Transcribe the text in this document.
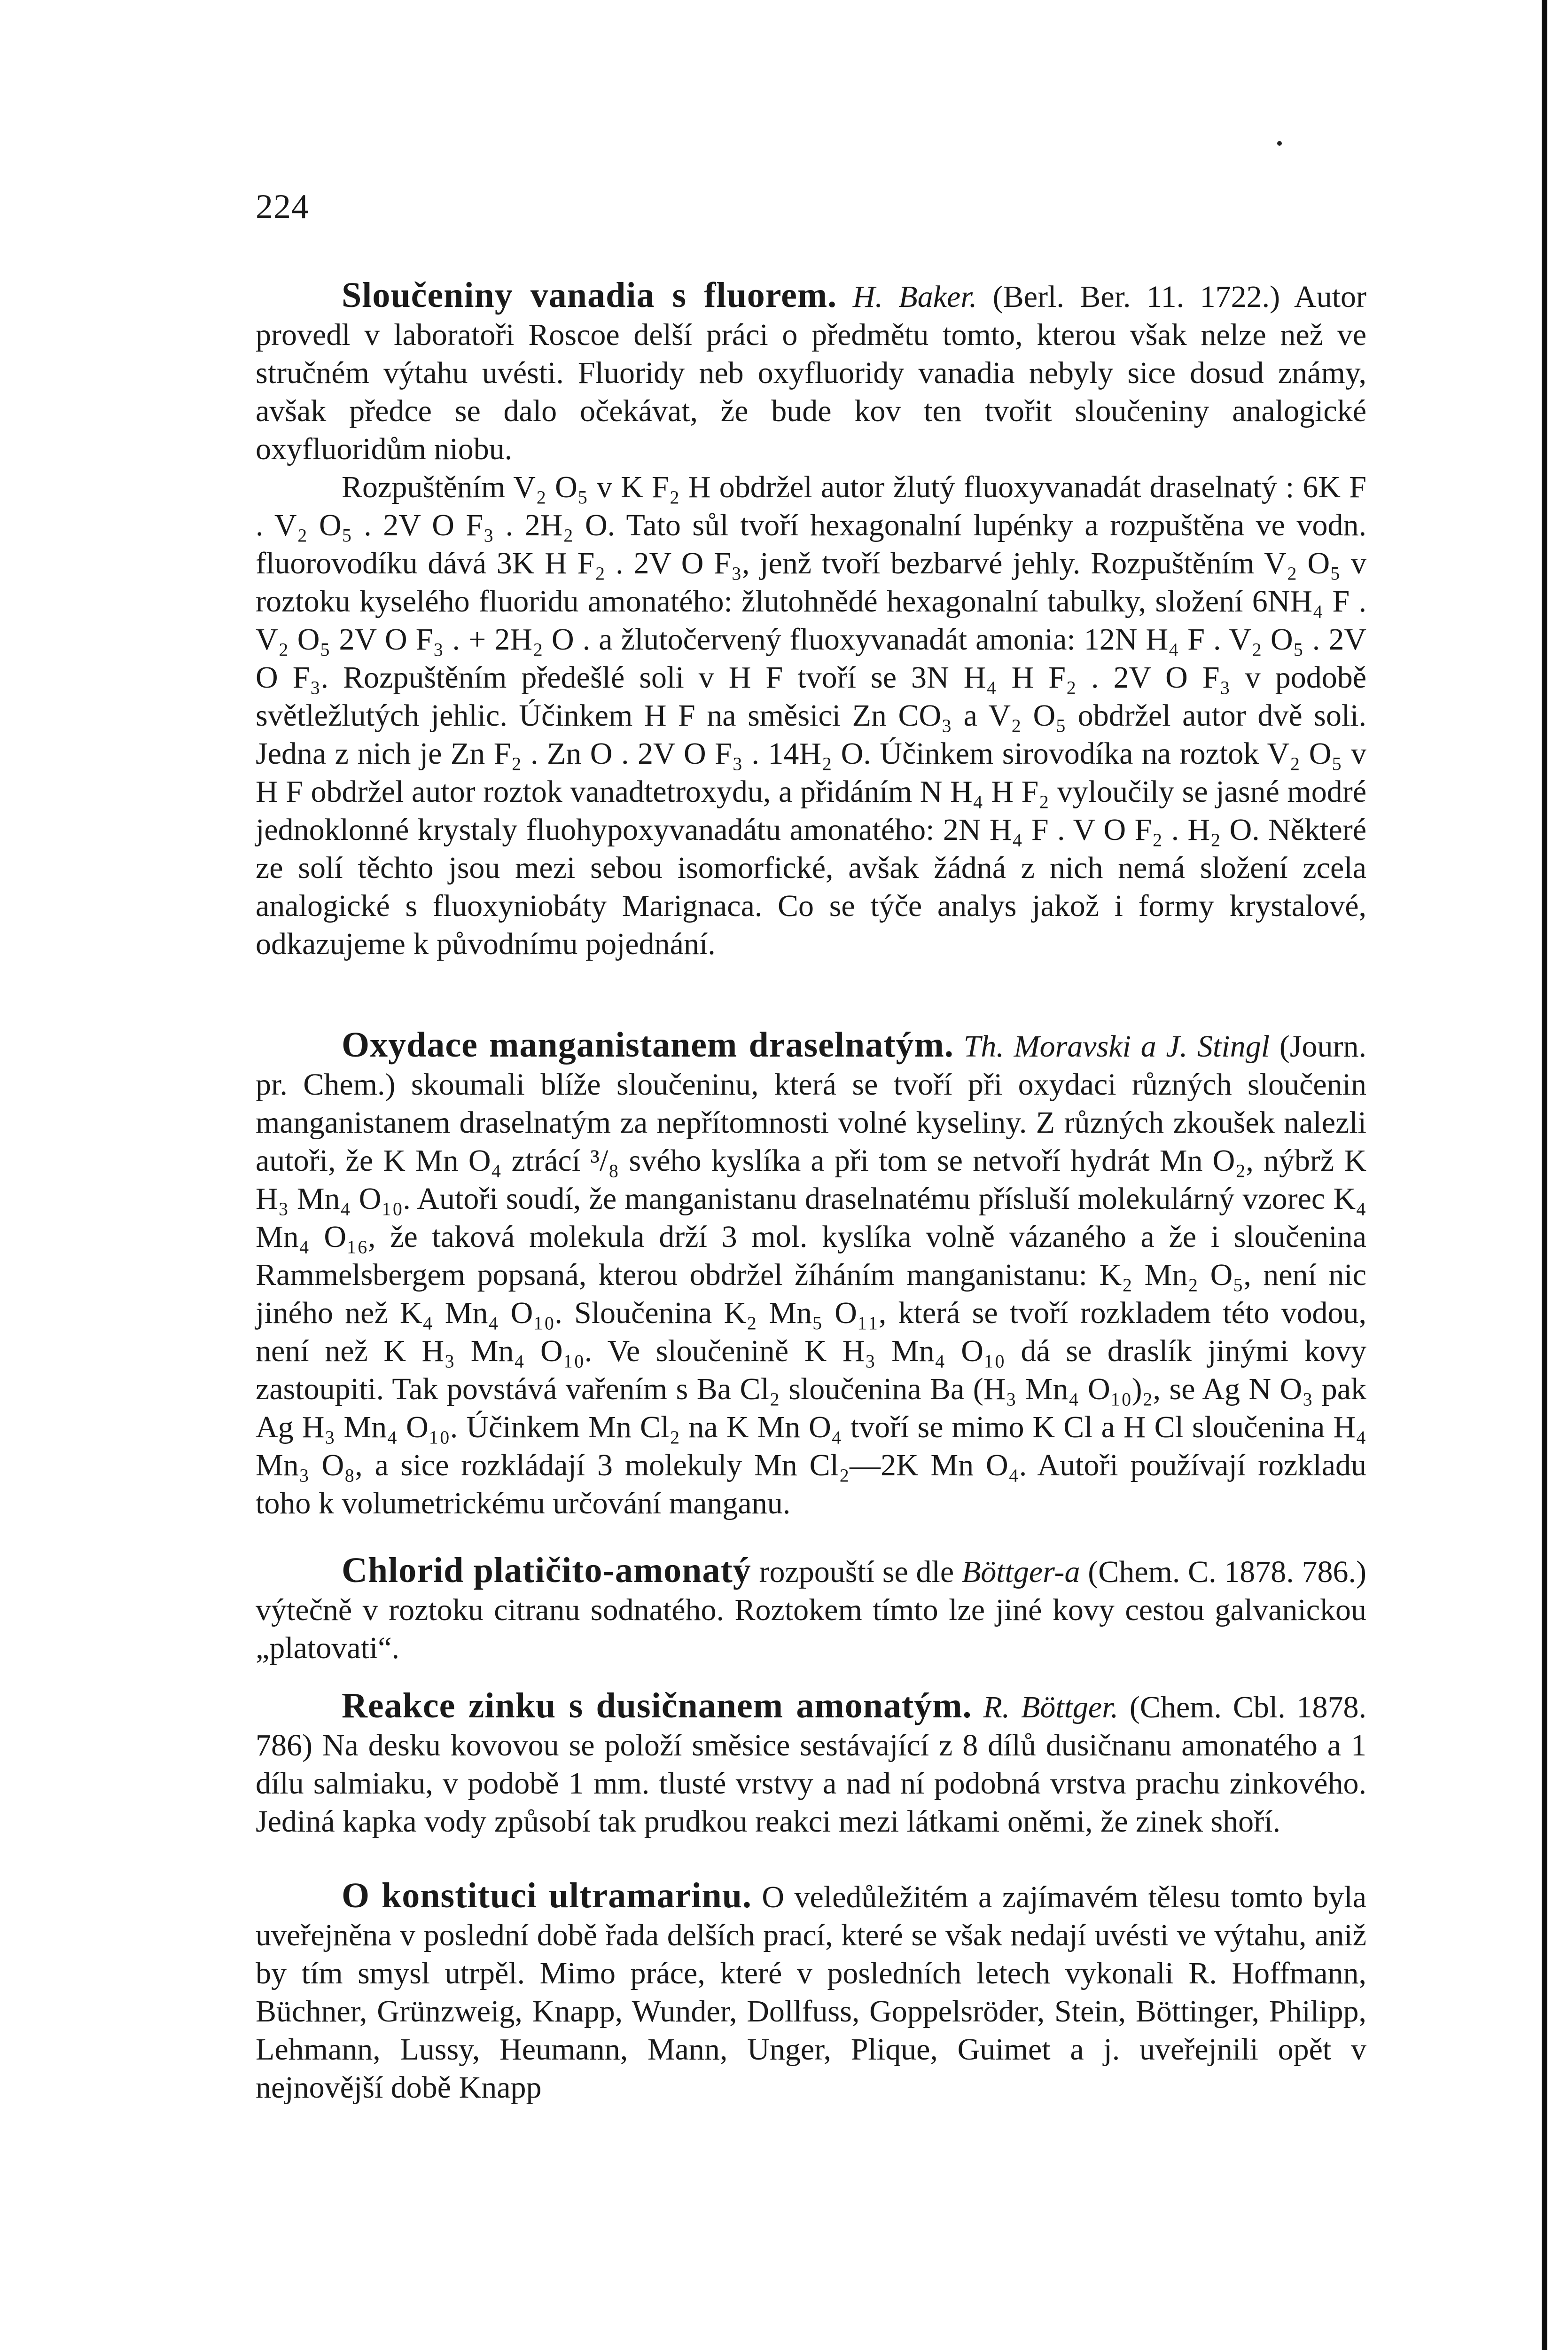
224

Sloučeniny vanadia s fluorem. H. Baker. (Berl. Ber. 11. 1722.) Autor provedl v laboratoři Roscoe delší práci o předmětu tomto, kterou však nelze než ve stručném výtahu uvésti. Fluoridy neb oxyfluoridy vanadia nebyly sice dosud známy, avšak předce se dalo očekávat, že bude kov ten tvořit sloučeniny analogické oxyfluoridům niobu.

Rozpuštěním V₂ O₅ v K F₂ H obdržel autor žlutý fluoxyvanadát draselnatý : 6K F . V₂ O₅ . 2V O F₃ . 2H₂ O. Tato sůl tvoří hexagonalní lupénky a rozpuštěna ve vodn. fluorovodíku dává 3K H F₂ . 2V O F₃, jenž tvoří bezbarvé jehly. Rozpuštěním V₂ O₅ v roztoku kyselého fluoridu amonatého: žlutohnědé hexagonalní tabulky, složení 6NH₄ F . V₂ O₅ 2V O F₃ . + 2H₂ O . a žlutočervený fluoxyvanadát amonia: 12N H₄ F . V₂ O₅ . 2V O F₃. Rozpuštěním předešlé soli v H F tvoří se 3N H₄ H F₂ . 2V O F₃ v podobě světležlutých jehlic. Účinkem H F na směsici Zn CO₃ a V₂ O₅ obdržel autor dvě soli. Jedna z nich je Zn F₂ . Zn O . 2V O F₃ . 14H₂ O. Účinkem sirovodíka na roztok V₂ O₅ v H F obdržel autor roztok vanadtetroxydu, a přidáním N H₄ H F₂ vyloučily se jasné modré jednoklonné krystaly fluohypoxyvanadátu amonatého: 2N H₄ F . V O F₂ . H₂ O. Některé ze solí těchto jsou mezi sebou isomorfické, avšak žádná z nich nemá složení zcela analogické s fluoxyniobáty Marignaca. Co se týče analys jakož i formy krystalové, odkazujeme k původnímu pojednání.

Oxydace manganistanem draselnatým. Th. Moravski a J. Stingl (Journ. pr. Chem.) skoumali blíže sloučeninu, která se tvoří při oxydaci různých sloučenin manganistanem draselnatým za nepřítomnosti volné kyseliny. Z různých zkoušek nalezli autoři, že K Mn O₄ ztrácí ³/₈ svého kyslíka a při tom se netvoří hydrát Mn O₂, nýbrž K H₃ Mn₄ O₁₀. Autoři soudí, že manganistanu draselnatému přísluší molekulárný vzorec K₄ Mn₄ O₁₆, že taková molekula drží 3 mol. kyslíka volně vázaného a že i sloučenina Rammelsbergem popsaná, kterou obdržel žíháním manganistanu: K₂ Mn₂ O₅, není nic jiného než K₄ Mn₄ O₁₀. Sloučenina K₂ Mn₅ O₁₁, která se tvoří rozkladem této vodou, není než K H₃ Mn₄ O₁₀. Ve sloučenině K H₃ Mn₄ O₁₀ dá se draslík jinými kovy zastoupiti. Tak povstává vařením s Ba Cl₂ sloučenina Ba (H₃ Mn₄ O₁₀)₂, se Ag N O₃ pak Ag H₃ Mn₄ O₁₀. Účinkem Mn Cl₂ na K Mn O₄ tvoří se mimo K Cl a H Cl sloučenina H₄ Mn₃ O₈, a sice rozkládají 3 molekuly Mn Cl₂—2K Mn O₄. Autoři používají rozkladu toho k volumetrickému určování manganu.

Chlorid platičito-amonatý rozpouští se dle Böttger-a (Chem. C. 1878. 786.) výtečně v roztoku citranu sodnatého. Roztokem tímto lze jiné kovy cestou galvanickou „platovati“.

Reakce zinku s dusičnanem amonatým. R. Böttger. (Chem. Cbl. 1878. 786) Na desku kovovou se položí směsice sestávající z 8 dílů dusičnanu amonatého a 1 dílu salmiaku, v podobě 1 mm. tlusté vrstvy a nad ní podobná vrstva prachu zinkového. Jediná kapka vody způsobí tak prudkou reakci mezi látkami oněmi, že zinek shoří.

O konstituci ultramarinu. O veledůležitém a zajímavém tělesu tomto byla uveřejněna v poslední době řada delších prací, které se však nedají uvésti ve výtahu, aniž by tím smysl utrpěl. Mimo práce, které v posledních letech vykonali R. Hoffmann, Büchner, Grünzweig, Knapp, Wunder, Dollfuss, Goppelsröder, Stein, Böttinger, Philipp, Lehmann, Lussy, Heumann, Mann, Unger, Plique, Guimet a j. uveřejnili opět v nejnovější době Knapp
